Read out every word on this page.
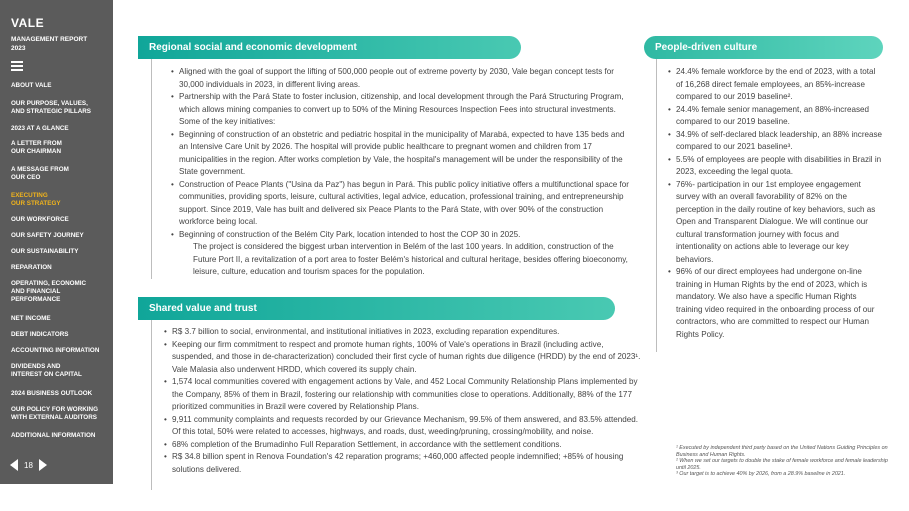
VALE
MANAGEMENT REPORT
2023
ABOUT VALE
OUR PURPOSE, VALUES,
AND STRATEGIC PILLARS
2023 AT A GLANCE
A LETTER FROM
OUR CHAIRMAN
A MESSAGE FROM
OUR CEO
EXECUTING
OUR STRATEGY
OUR WORKFORCE
OUR SAFETY JOURNEY
OUR SUSTAINABILITY
REPARATION
OPERATING, ECONOMIC
AND FINANCIAL
PERFORMANCE
NET INCOME
DEBT INDICATORS
ACCOUNTING INFORMATION
DIVIDENDS AND
INTEREST ON CAPITAL
2024 BUSINESS OUTLOOK
OUR POLICY FOR WORKING
WITH EXTERNAL AUDITORS
ADDITIONAL INFORMATION
18
Regional social and economic development
Shared value and trust
People-driven culture
• Aligned with the goal of support the lifting of 500,000 people out of extreme poverty by 2030, Vale began concept tests for 30,000 individuals in 2023, in different living areas.
• Partnership with the Pará State to foster inclusion, citizenship, and local development through the Pará Structuring Program, which allows mining companies to convert up to 50% of the Mining Resources Inspection Fees into structural investments. Some of the key initiatives:
• Beginning of construction of an obstetric and pediatric hospital in the municipality of Marabá, expected to have 135 beds and an Intensive Care Unit by 2026. The hospital will provide public healthcare to pregnant women and children from 17 municipalities in the region. After works completion by Vale, the hospital's management will be under the responsibility of the State government.
• Construction of Peace Plants ("Usina da Paz") has begun in Pará. This public policy initiative offers a multifunctional space for communities, providing sports, leisure, cultural activities, legal advice, education, professional training, and entrepreneurship support. Since 2019, Vale has built and delivered six Peace Plants to the Pará State, with over 90% of the construction workforce being local.
• Beginning of construction of the Belém City Park, location intended to host the COP 30 in 2025.
The project is considered the biggest urban intervention in Belém of the last 100 years. In addition, construction of the Future Port II, a revitalization of a port area to foster Belém's historical and cultural heritage, besides offering bioeconomy, leisure, culture, education and tourism spaces for the population.
• R$ 3.7 billion to social, environmental, and institutional initiatives in 2023, excluding reparation expenditures.
• Keeping our firm commitment to respect and promote human rights, 100% of Vale's operations in Brazil (including active, suspended, and those in de-characterization) concluded their first cycle of human rights due diligence (HRDD) by the end of 2023¹. Vale Malasia also underwent HRDD, which covered its supply chain.
• 1,574 local communities covered with engagement actions by Vale, and 452 Local Community Relationship Plans implemented by the Company, 85% of them in Brazil, fostering our relationship with communities close to operations. Additionally, 88% of the 177 prioritized communities in Brazil were covered by Relationship Plans.
• 9,911 community complaints and requests recorded by our Grievance Mechanism, 99.5% of them answered, and 83.5% attended. Of this total, 50% were related to accesses, highways, and roads, dust, weeding/pruning, crossing/mobility, and noise.
• 68% completion of the Brumadinho Full Reparation Settlement, in accordance with the settlement conditions.
• R$ 34.8 billion spent in Renova Foundation's 42 reparation programs; +460,000 affected people indemnified; +85% of housing solutions delivered.
• 24.4% female workforce by the end of 2023, with a total of 16,268 direct female employees, an 85%-increase compared to our 2019 baseline².
• 24.4% female senior management, an 88%-increased compared to our 2019 baseline.
• 34.9% of self-declared black leadership, an 88% increase compared to our 2021 baseline³.
• 5.5% of employees are people with disabilities in Brazil in 2023, exceeding the legal quota.
• 76%- participation in our 1st employee engagement survey with an overall favorability of 82% on the perception in the daily routine of key behaviors, such as Open and Transparent Dialogue. We will continue our cultural transformation journey with focus and intentionality on actions able to leverage our key behaviors.
• 96% of our direct employees had undergone on-line training in Human Rights by the end of 2023, which is mandatory. We also have a specific Human Rights training video required in the onboarding process of our contractors, who are committed to respect our Human Rights Policy.
¹ Executed by independent third party based on the United Nations Guiding Principles on Business and Human Rights.
² When we set our targets to double the stake of female workforce and female leadership until 2025.
³ Our target is to achieve 40% by 2026, from a 28.9% baseline in 2021.
